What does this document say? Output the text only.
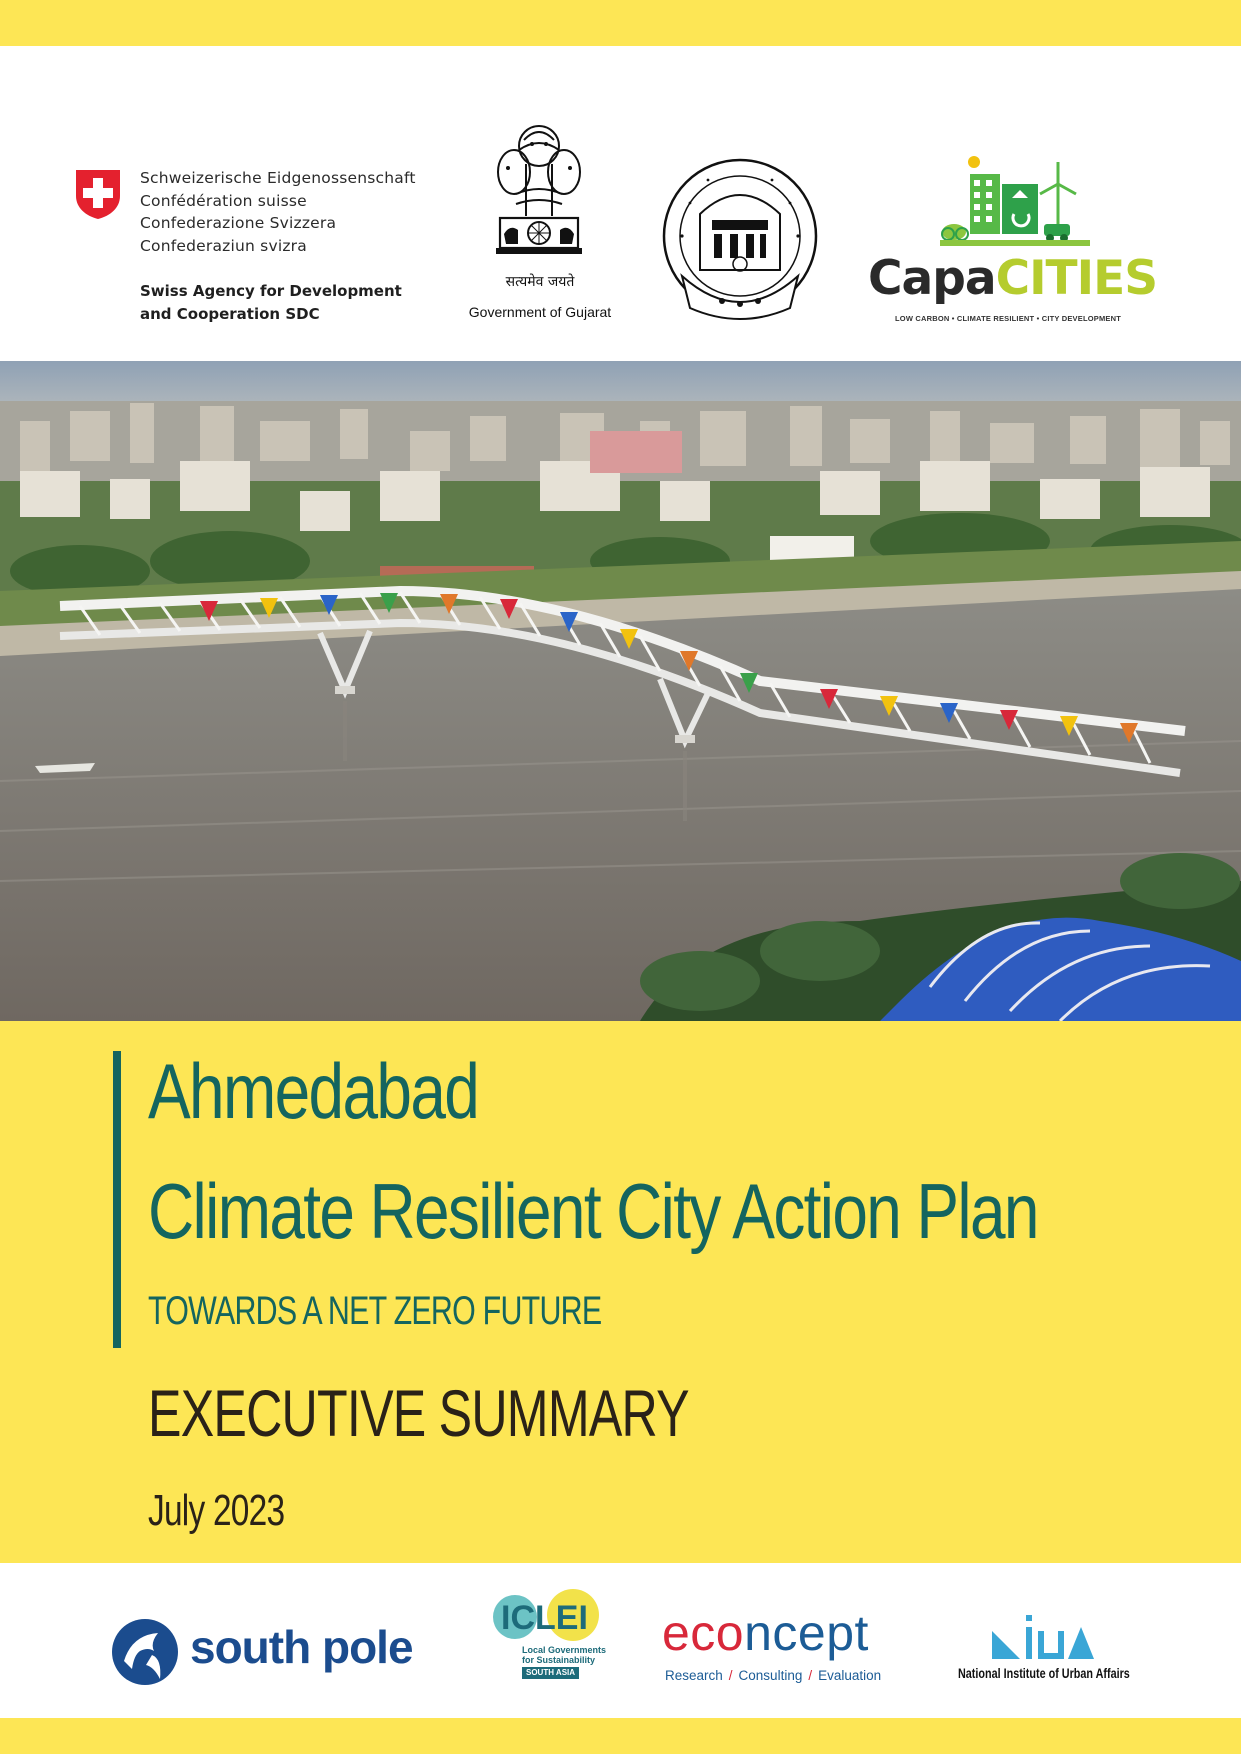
Schweizerische Eidgenossenschaft
Confédération suisse
Confederazione Svizzera
Confederaziun svizra
Swiss Agency for Development
and Cooperation SDC
सत्यमेव जयते
Government of Gujarat
CapaCITIES
LOW CARBON • CLIMATE RESILIENT • CITY DEVELOPMENT
Ahmedabad
Climate Resilient City Action Plan
TOWARDS A NET ZERO FUTURE
EXECUTIVE SUMMARY
July 2023
south pole
ICLEI
Local Governments
for Sustainability
SOUTH ASIA
econcept
Research / Consulting / Evaluation	National Institute of Urban Affairs
